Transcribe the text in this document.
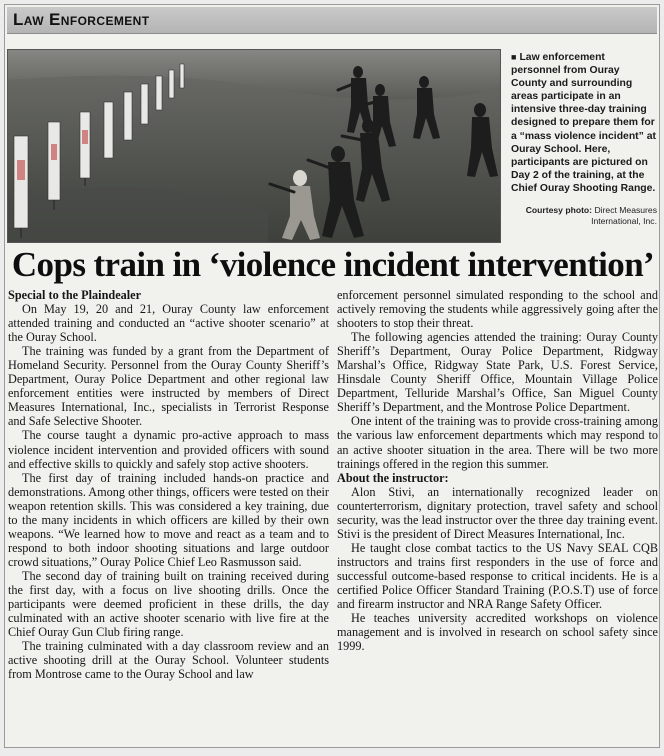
Law Enforcement
■ Law enforcement personnel from Ouray County and surrounding areas participate in an intensive three-day training designed to prepare them for a “mass violence incident” at Ouray School. Here, participants are pictured on Day 2 of the training, at the Chief Ouray Shooting Range.
Courtesy photo: Direct Measures International, Inc.
Cops train in ‘violence incident intervention’

Special to the Plaindealer

On May 19, 20 and 21, Ouray County law enforcement attended training and conducted an “active shooter scenario” at the Ouray School.

The training was funded by a grant from the Department of Homeland Security. Personnel from the Ouray County Sheriff’s Department, Ouray Police Department and other regional law enforcement entities were instructed by members of Direct Measures International, Inc., specialists in Terrorist Response and Safe Selective Shooter.

The course taught a dynamic pro-active approach to mass violence incident intervention and provided officers with sound and effective skills to quickly and safely stop active shooters.

The first day of training included hands-on practice and demonstrations. Among other things, officers were tested on their weapon retention skills. This was considered a key training, due to the many incidents in which officers are killed by their own weapons. “We learned how to move and react as a team and to respond to both indoor shooting situations and large outdoor crowd situations,” Ouray Police Chief Leo Rasmusson said.

The second day of training built on training received during the first day, with a focus on live shooting drills. Once the participants were deemed proficient in these drills, the day culminated with an active shooter scenario with live fire at the Chief Ouray Gun Club firing range.

The training culminated with a day classroom review and an active shooting drill at the Ouray School. Volunteer students from Montrose came to the Ouray School and law

enforcement personnel simulated responding to the school and actively removing the students while aggressively going after the shooters to stop their threat.

The following agencies attended the training: Ouray County Sheriff’s Department, Ouray Police Department, Ridgway Marshal’s Office, Ridgway State Park, U.S. Forest Service, Hinsdale County Sheriff Office, Mountain Village Police Department, Telluride Marshal’s Office, San Miguel County Sheriff’s Department, and the Montrose Police Department.

One intent of the training was to provide cross-training among the various law enforcement departments which may respond to an active shooter situation in the area. There will be two more trainings offered in the region this summer.

About the instructor:

Alon Stivi, an internationally recognized leader on counterterrorism, dignitary protection, travel safety and school security, was the lead instructor over the three day training event. Stivi is the president of Direct Measures International, Inc.

He taught close combat tactics to the US Navy SEAL CQB instructors and trains first responders in the use of force and successful outcome-based response to critical incidents. He is a certified Police Officer Standard Training (P.O.S.T) use of force and firearm instructor and NRA Range Safety Officer.

He teaches university accredited workshops on violence management and is involved in research on school safety since 1999.
